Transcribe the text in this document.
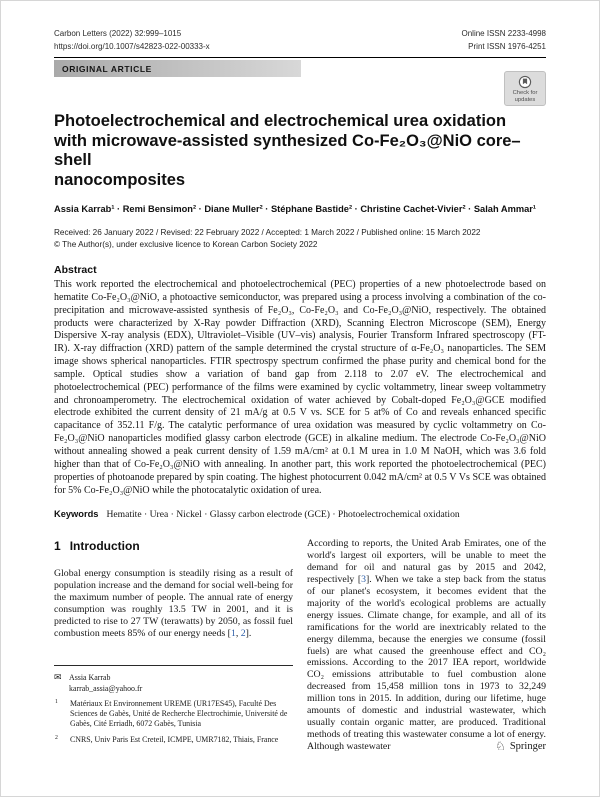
Carbon Letters (2022) 32:999–1015
https://doi.org/10.1007/s42823-022-00333-x
Online ISSN 2233-4998
Print ISSN 1976-4251
ORIGINAL ARTICLE
Check for
updates
Photoelectrochemical and electrochemical urea oxidation
with microwave-assisted synthesized Co-Fe₂O₃@NiO core–shell
nanocomposites
Assia Karrab¹ · Remi Bensimon² · Diane Muller² · Stéphane Bastide² · Christine Cachet-Vivier² · Salah Ammar¹
Received: 26 January 2022 / Revised: 22 February 2022 / Accepted: 1 March 2022 / Published online: 15 March 2022
© The Author(s), under exclusive licence to Korean Carbon Society 2022
Abstract

This work reported the electrochemical and photoelectrochemical (PEC) properties of a new photoelectrode based on hematite Co-Fe₂O₃@NiO, a photoactive semiconductor, was prepared using a process involving a combination of the co-precipitation and microwave-assisted synthesis of Fe₂O₃, Co-Fe₂O₃ and Co-Fe₂O₃@NiO, respectively. The obtained products were characterized by X-Ray powder Diffraction (XRD), Scanning Electron Microscope (SEM), Energy Dispersive X-ray analysis (EDX), Ultraviolet–Visible (UV–vis) analysis, Fourier Transform Infrared spectroscopy (FT-IR). X-ray diffraction (XRD) pattern of the sample determined the crystal structure of α-Fe₂O₃ nanoparticles. The SEM image shows spherical nanoparticles. FTIR spectrospy spectrum confirmed the phase purity and chemical bond for the sample. Optical studies show a variation of band gap from 2.118 to 2.07 eV. The electrochemical and photoelectrochemical (PEC) performance of the films were examined by cyclic voltammetry, linear sweep voltammetry and chronoamperometry. The electrochemical oxidation of water achieved by Cobalt-doped Fe₂O₃@GCE modified electrode exhibited the current density of 21 mA/g at 0.5 V vs. SCE for 5 at% of Co and reveals enhanced specific capacitance of 352.11 F/g. The catalytic performance of urea oxidation was measured by cyclic voltammetry on Co-Fe₂O₃@NiO nanoparticles modified glassy carbon electrode (GCE) in alkaline medium. The electrode Co-Fe₂O₃@NiO without annealing showed a peak current density of 1.59 mA/cm² at 0.1 M urea in 1.0 M NaOH, which was 3.6 fold higher than that of Co-Fe₂O₃@NiO with annealing. In another part, this work reported the photoelectrochemical (PEC) properties of photoanode prepared by spin coating. The highest photocurrent 0.042 mA/cm² at 0.5 V Vs SCE was obtained for 5% Co-Fe₂O₃@NiO while the photocatalytic oxidation of urea.

Keywords Hematite · Urea · Nickel · Glassy carbon electrode (GCE) · Photoelectrochemical oxidation

1 Introduction

Global energy consumption is steadily rising as a result of population increase and the demand for social well-being for the maximum number of people. The annual rate of energy consumption was roughly 13.5 TW in 2001, and it is predicted to rise to 27 TW (terawatts) by 2050, as fossil fuel combustion meets 85% of our energy needs [1, 2].

✉ Assia Karrab
karrab_assia@yahoo.fr
1	Matériaux Et Environnement UREME (UR17ES45), Faculté Des Sciences de Gabès, Unité de Recherche Electrochimie, Université de Gabès, Cité Erriadh, 6072 Gabès, Tunisia
2	CNRS, Univ Paris Est Creteil, ICMPE, UMR7182, Thiais, France

According to reports, the United Arab Emirates, one of the world's largest oil exporters, will be unable to meet the demand for oil and natural gas by 2015 and 2042, respectively [3]. When we take a step back from the status of our planet's ecosystem, it becomes evident that the majority of the world's ecological problems are actually energy issues. Climate change, for example, and all of its ramifications for the world are inextricably related to the energy dilemma, because the energies we consume (fossil fuels) are what caused the greenhouse effect and CO₂ emissions. According to the 2017 IEA report, worldwide CO₂ emissions attributable to fuel combustion alone decreased from 15,458 million tons in 1973 to 32,249 million tons in 2015. In addition, during our lifetime, huge amounts of domestic and industrial wastewater, which usually contain organic matter, are produced. Traditional methods of treating this wastewater consume a lot of energy. Although wastewater	♘ Springer
